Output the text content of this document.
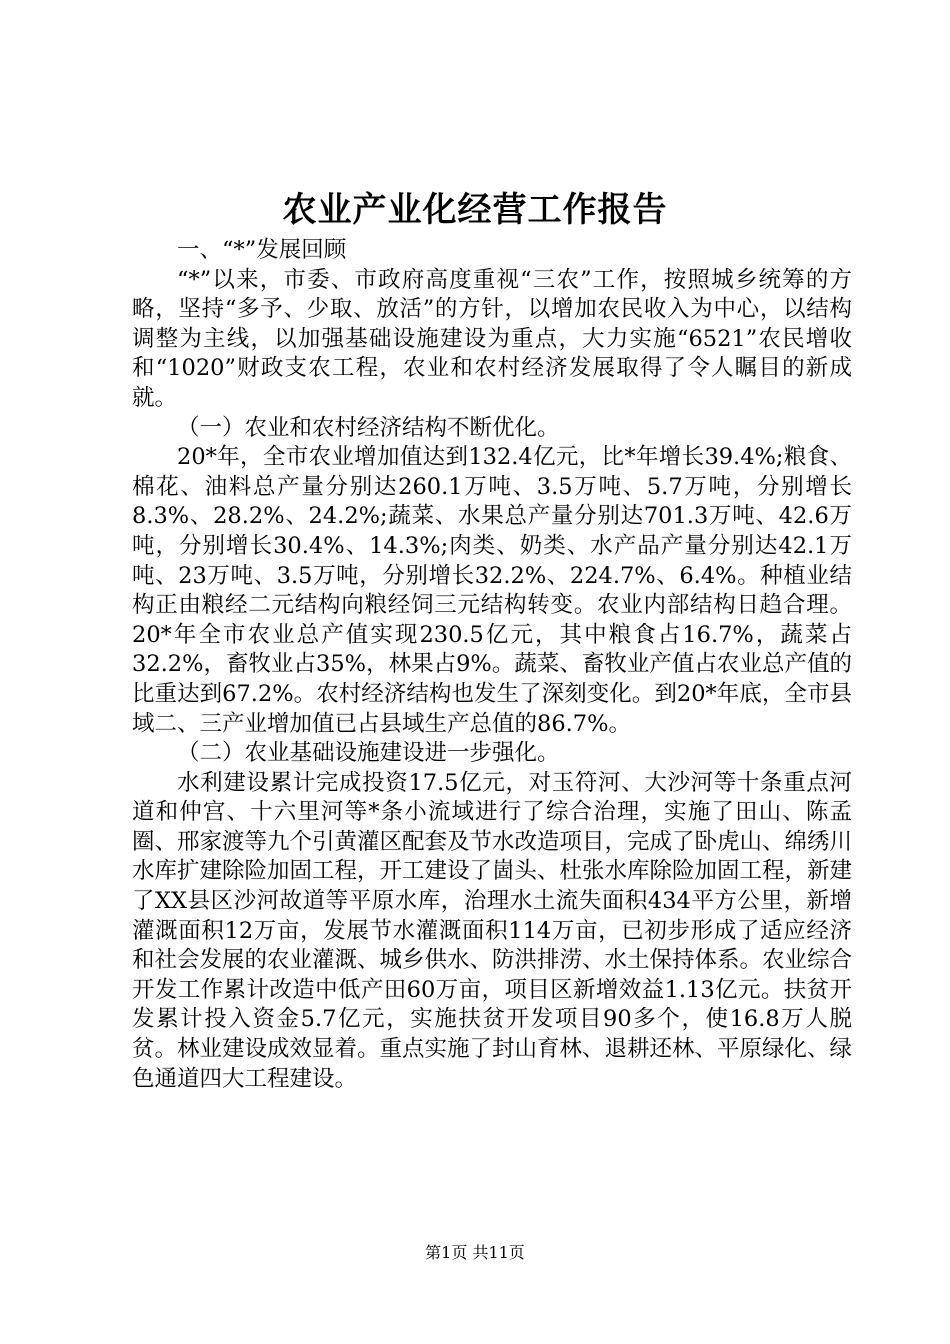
农业产业化经营工作报告

一、“*”发展回顾

“*”以来，市委、市政府高度重视“三农”工作，按照城乡统筹的方略，坚持“多予、少取、放活”的方针，以增加农民收入为中心，以结构调整为主线，以加强基础设施建设为重点，大力实施“6521”农民增收和“1020”财政支农工程，农业和农村经济发展取得了令人瞩目的新成就。

（一）农业和农村经济结构不断优化。

20*年，全市农业增加值达到132.4亿元，比*年增长39.4%;粮食、棉花、油料总产量分别达260.1万吨、3.5万吨、5.7万吨，分别增长8.3%、28.2%、24.2%;蔬菜、水果总产量分别达701.3万吨、42.6万吨，分别增长30.4%、14.3%;肉类、奶类、水产品产量分别达42.1万吨、23万吨、3.5万吨，分别增长32.2%、224.7%、6.4%。种植业结构正由粮经二元结构向粮经饲三元结构转变。农业内部结构日趋合理。20*年全市农业总产值实现230.5亿元，其中粮食占16.7%，蔬菜占32.2%，畜牧业占35%，林果占9%。蔬菜、畜牧业产值占农业总产值的比重达到67.2%。农村经济结构也发生了深刻变化。到20*年底，全市县域二、三产业增加值已占县域生产总值的86.7%。

（二）农业基础设施建设进一步强化。

水利建设累计完成投资17.5亿元，对玉符河、大沙河等十条重点河道和仲宫、十六里河等*条小流域进行了综合治理，实施了田山、陈孟圈、邢家渡等九个引黄灌区配套及节水改造项目，完成了卧虎山、绵绣川水库扩建除险加固工程，开工建设了崮头、杜张水库除险加固工程，新建了XX县区沙河故道等平原水库，治理水土流失面积434平方公里，新增灌溉面积12万亩，发展节水灌溉面积114万亩，已初步形成了适应经济和社会发展的农业灌溉、城乡供水、防洪排涝、水土保持体系。农业综合开发工作累计改造中低产田60万亩，项目区新增效益1.13亿元。扶贫开发累计投入资金5.7亿元，实施扶贫开发项目90多个，使16.8万人脱贫。林业建设成效显着。重点实施了封山育林、退耕还林、平原绿化、绿色通道四大工程建设。

第1页 共11页
